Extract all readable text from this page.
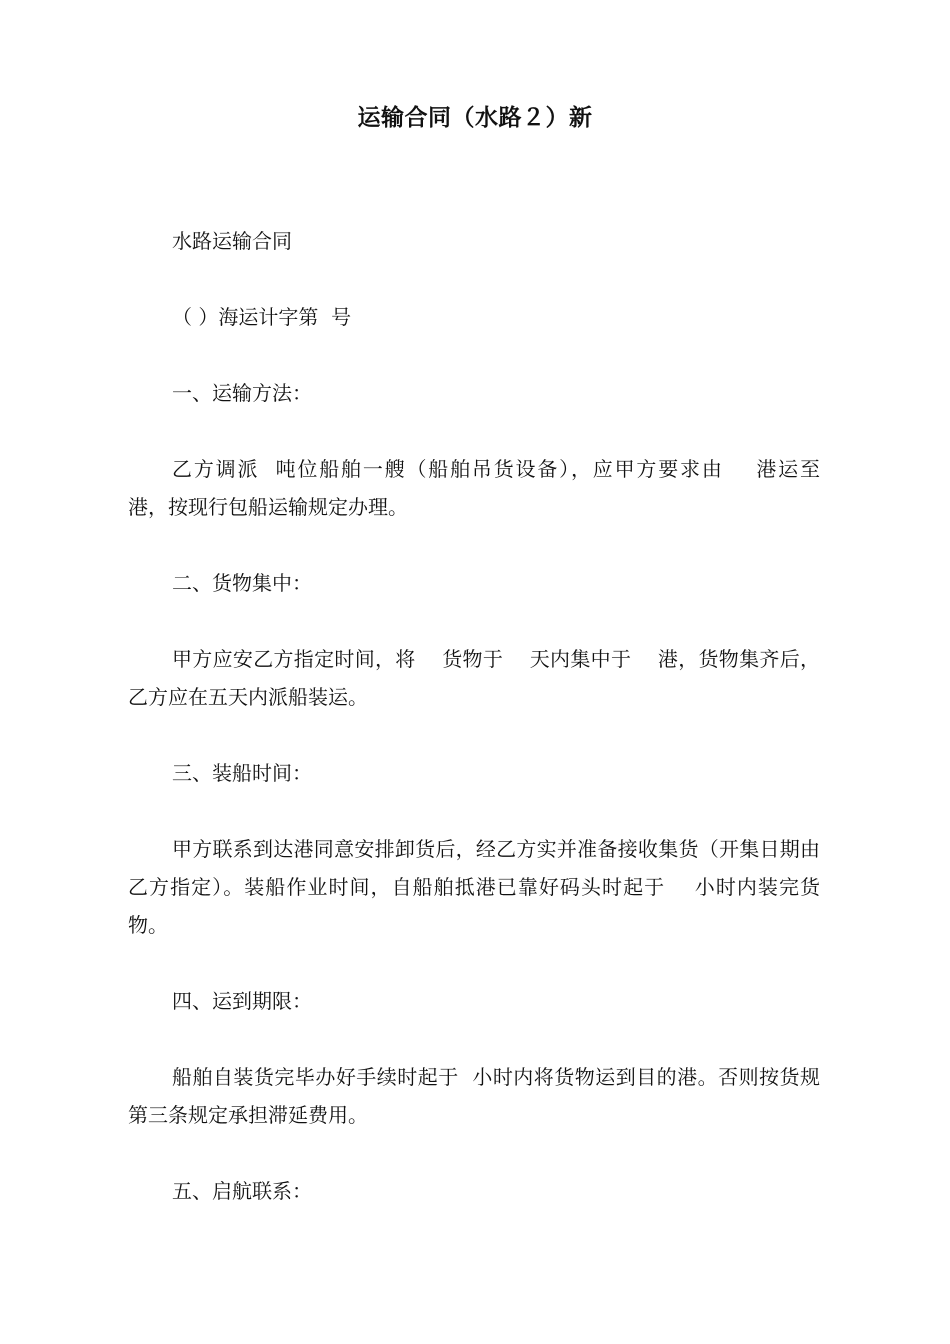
运输合同（水路２）新

水路运输合同

（ ）海运计字第  号

一、运输方法：

乙方调派  吨位船舶一艘（船舶吊货设备），应甲方要求由    港运至    港，按现行包船运输规定办理。

二、货物集中：

甲方应安乙方指定时间，将    货物于    天内集中于    港，货物集齐后，乙方应在五天内派船装运。

三、装船时间：

甲方联系到达港同意安排卸货后，经乙方实并准备接收集货（开集日期由乙方指定）。装船作业时间，自船舶抵港已靠好码头时起于    小时内装完货物。

四、运到期限：

船舶自装货完毕办好手续时起于  小时内将货物运到目的港。否则按货规第三条规定承担滞延费用。

五、启航联系：
